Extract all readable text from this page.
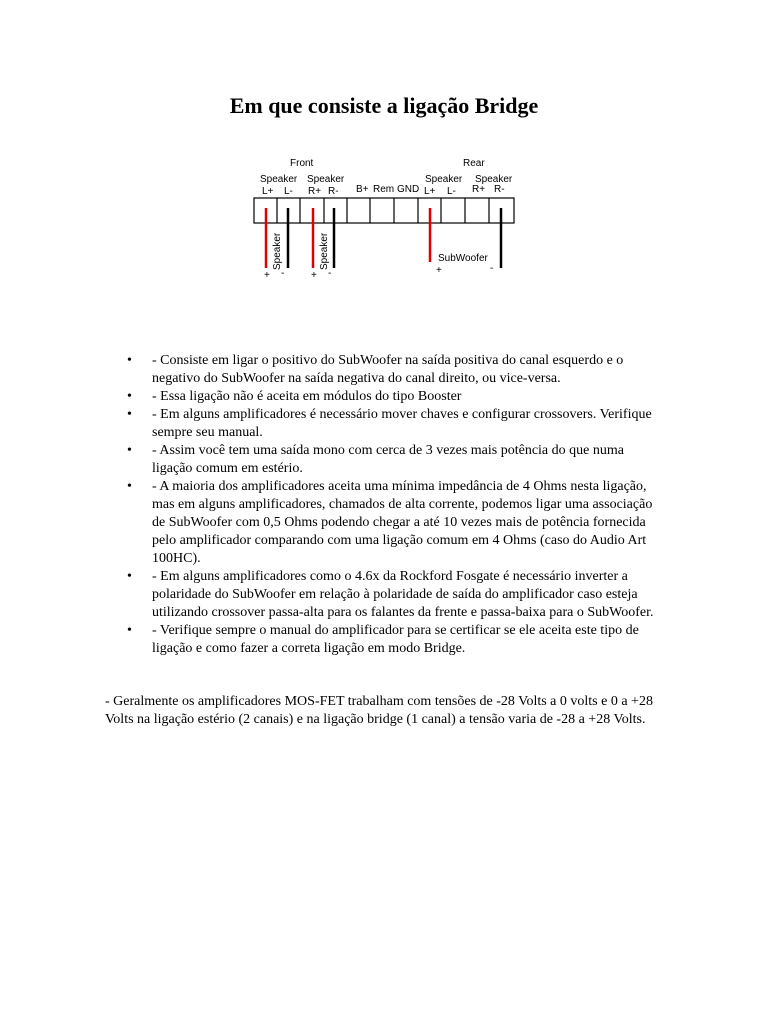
Em que consiste a ligação Bridge
Front	Rear
Speaker Speaker	Speaker Speaker
L+ L- R+ R- B+ Rem GND L+ L- R+ R-
Speaker	Speaker	SubWoofer
+ -	+ -	+	-
• - Consiste em ligar o positivo do SubWoofer na saída positiva do canal esquerdo e o negativo do SubWoofer na saída negativa do canal direito, ou vice-versa.
• - Essa ligação não é aceita em módulos do tipo Booster
• - Em alguns amplificadores é necessário mover chaves e configurar crossovers. Verifique sempre seu manual.
• - Assim você tem uma saída mono com cerca de 3 vezes mais potência do que numa ligação comum em estério.
• - A maioria dos amplificadores aceita uma mínima impedância de 4 Ohms nesta ligação, mas em alguns amplificadores, chamados de alta corrente, podemos ligar uma associação de SubWoofer com 0,5 Ohms podendo chegar a até 10 vezes mais de potência fornecida pelo amplificador comparando com uma ligação comum em 4 Ohms (caso do Audio Art 100HC).
• - Em alguns amplificadores como o 4.6x da Rockford Fosgate é necessário inverter a polaridade do SubWoofer em relação à polaridade de saída do amplificador caso esteja utilizando crossover passa-alta para os falantes da frente e passa-baixa para o SubWoofer.
• - Verifique sempre o manual do amplificador para se certificar se ele aceita este tipo de ligação e como fazer a correta ligação em modo Bridge.

- Geralmente os amplificadores MOS-FET trabalham com tensões de -28 Volts a 0 volts e 0 a +28 Volts na ligação estério (2 canais) e na ligação bridge (1 canal) a tensão varia de -28 a +28 Volts.
